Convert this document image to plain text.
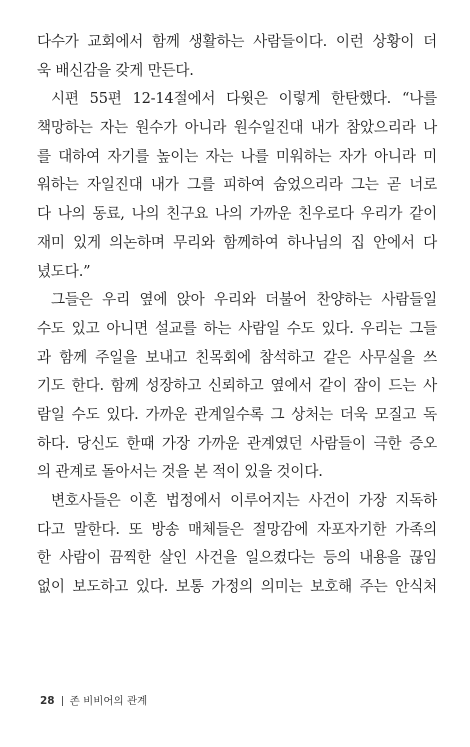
다수가 교회에서 함께 생활하는 사람들이다. 이런 상황이 더
욱 배신감을 갖게 만든다.
시편 55편 12-14절에서 다윗은 이렇게 한탄했다. “나를
책망하는 자는 원수가 아니라 원수일진대 내가 참았으리라 나
를 대하여 자기를 높이는 자는 나를 미워하는 자가 아니라 미
워하는 자일진대 내가 그를 피하여 숨었으리라 그는 곧 너로
다 나의 동료, 나의 친구요 나의 가까운 친우로다 우리가 같이
재미 있게 의논하며 무리와 함께하여 하나님의 집 안에서 다
녔도다.”
그들은 우리 옆에 앉아 우리와 더불어 찬양하는 사람들일
수도 있고 아니면 설교를 하는 사람일 수도 있다. 우리는 그들
과 함께 주일을 보내고 친목회에 참석하고 같은 사무실을 쓰
기도 한다. 함께 성장하고 신뢰하고 옆에서 같이 잠이 드는 사
람일 수도 있다. 가까운 관계일수록 그 상처는 더욱 모질고 독
하다. 당신도 한때 가장 가까운 관계였던 사람들이 극한 증오
의 관계로 돌아서는 것을 본 적이 있을 것이다.
변호사들은 이혼 법정에서 이루어지는 사건이 가장 지독하
다고 말한다. 또 방송 매체들은 절망감에 자포자기한 가족의
한 사람이 끔찍한 살인 사건을 일으켰다는 등의 내용을 끊임
없이 보도하고 있다. 보통 가정의 의미는 보호해 주는 안식처
28 존 비비어의 관계
